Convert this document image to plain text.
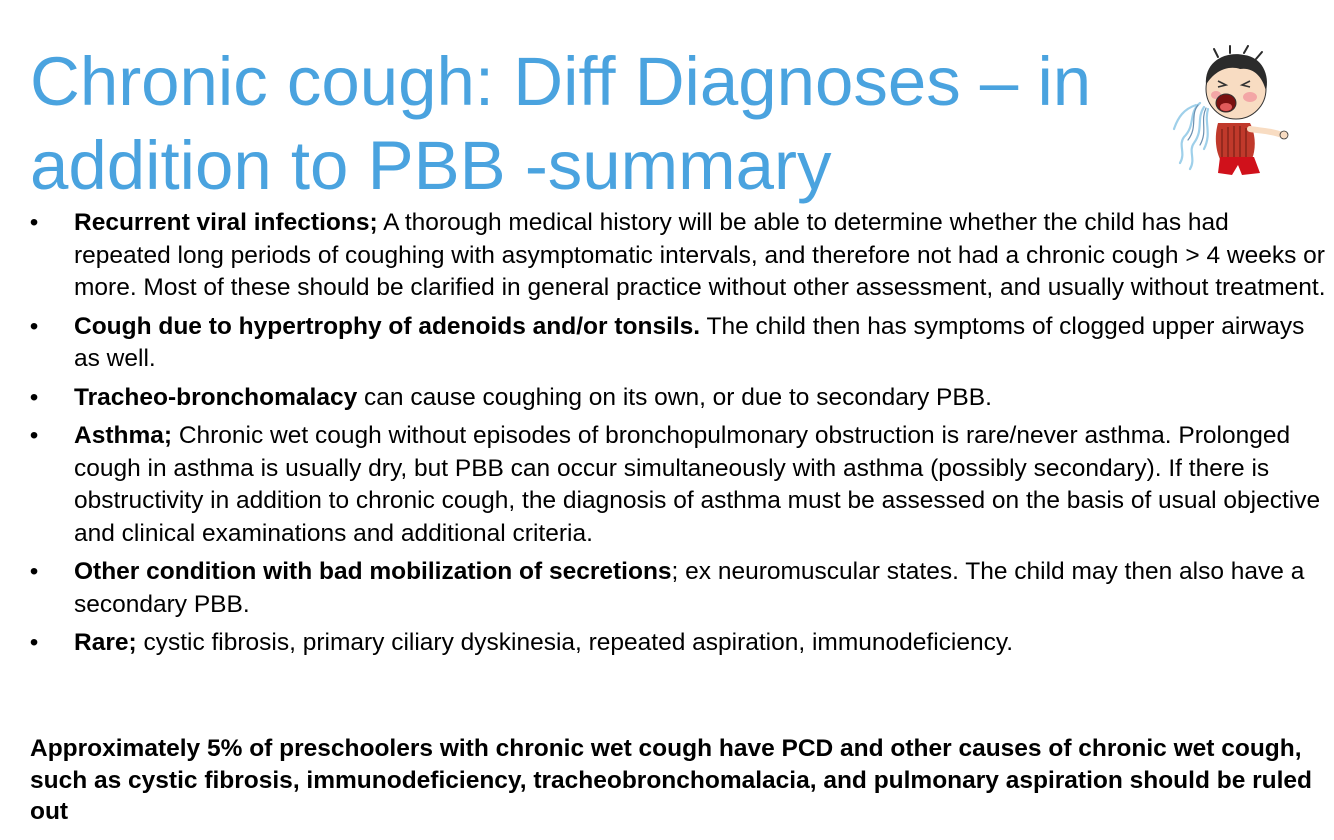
Chronic cough: Diff Diagnoses – in
addition to PBB -summary
• Recurrent viral infections; A thorough medical history will be able to determine whether the child has had repeated long periods of coughing with asymptomatic intervals, and therefore not had a chronic cough > 4 weeks or more. Most of these should be clarified in general practice without other assessment, and usually without treatment.
• Cough due to hypertrophy of adenoids and/or tonsils. The child then has symptoms of clogged upper airways as well.
• Tracheo-bronchomalacy can cause coughing on its own, or due to secondary PBB.
• Asthma; Chronic wet cough without episodes of bronchopulmonary obstruction is rare/never asthma. Prolonged cough in asthma is usually dry, but PBB can occur simultaneously with asthma (possibly secondary). If there is obstructivity in addition to chronic cough, the diagnosis of asthma must be assessed on the basis of usual objective and clinical examinations and additional criteria.
• Other condition with bad mobilization of secretions; ex neuromuscular states. The child may then also have a secondary PBB.
• Rare; cystic fibrosis, primary ciliary dyskinesia, repeated aspiration, immunodeficiency.

Approximately 5% of preschoolers with chronic wet cough have PCD and other causes of chronic wet cough, such as cystic fibrosis, immunodeficiency, tracheobronchomalacia, and pulmonary aspiration should be ruled out
